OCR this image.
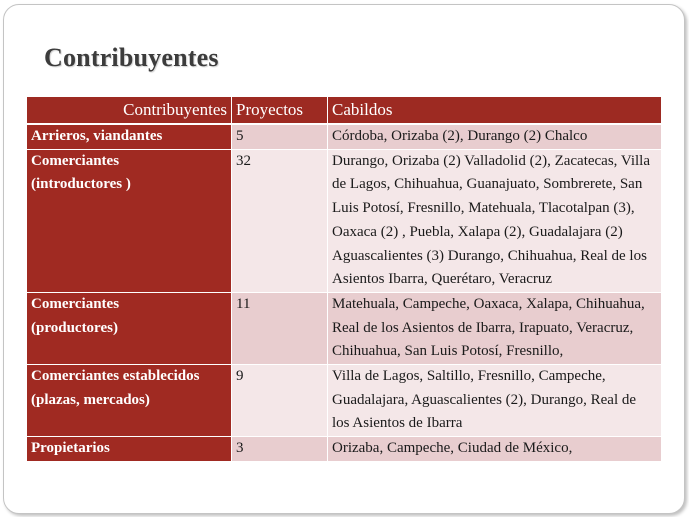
Contribuyentes
Contribuyentes	Proyectos	Cabildos
Arrieros, viandantes	5	Córdoba, Orizaba (2), Durango (2) Chalco
Comerciantes
(introductores )	32	Durango, Orizaba (2) Valladolid (2), Zacatecas, Villa de Lagos, Chihuahua, Guanajuato, Sombrerete, San Luis Potosí, Fresnillo, Matehuala, Tlacotalpan (3), Oaxaca (2) , Puebla, Xalapa (2), Guadalajara (2) Aguascalientes (3) Durango, Chihuahua, Real de los Asientos Ibarra, Querétaro, Veracruz
Comerciantes
(productores)	11	Matehuala, Campeche, Oaxaca, Xalapa, Chihuahua, Real de los Asientos de Ibarra, Irapuato, Veracruz, Chihuahua, San Luis Potosí, Fresnillo,
Comerciantes establecidos
(plazas, mercados)	9	Villa de Lagos, Saltillo, Fresnillo, Campeche, Guadalajara, Aguascalientes (2), Durango, Real de los Asientos de Ibarra
Propietarios	3	Orizaba, Campeche, Ciudad de México,
